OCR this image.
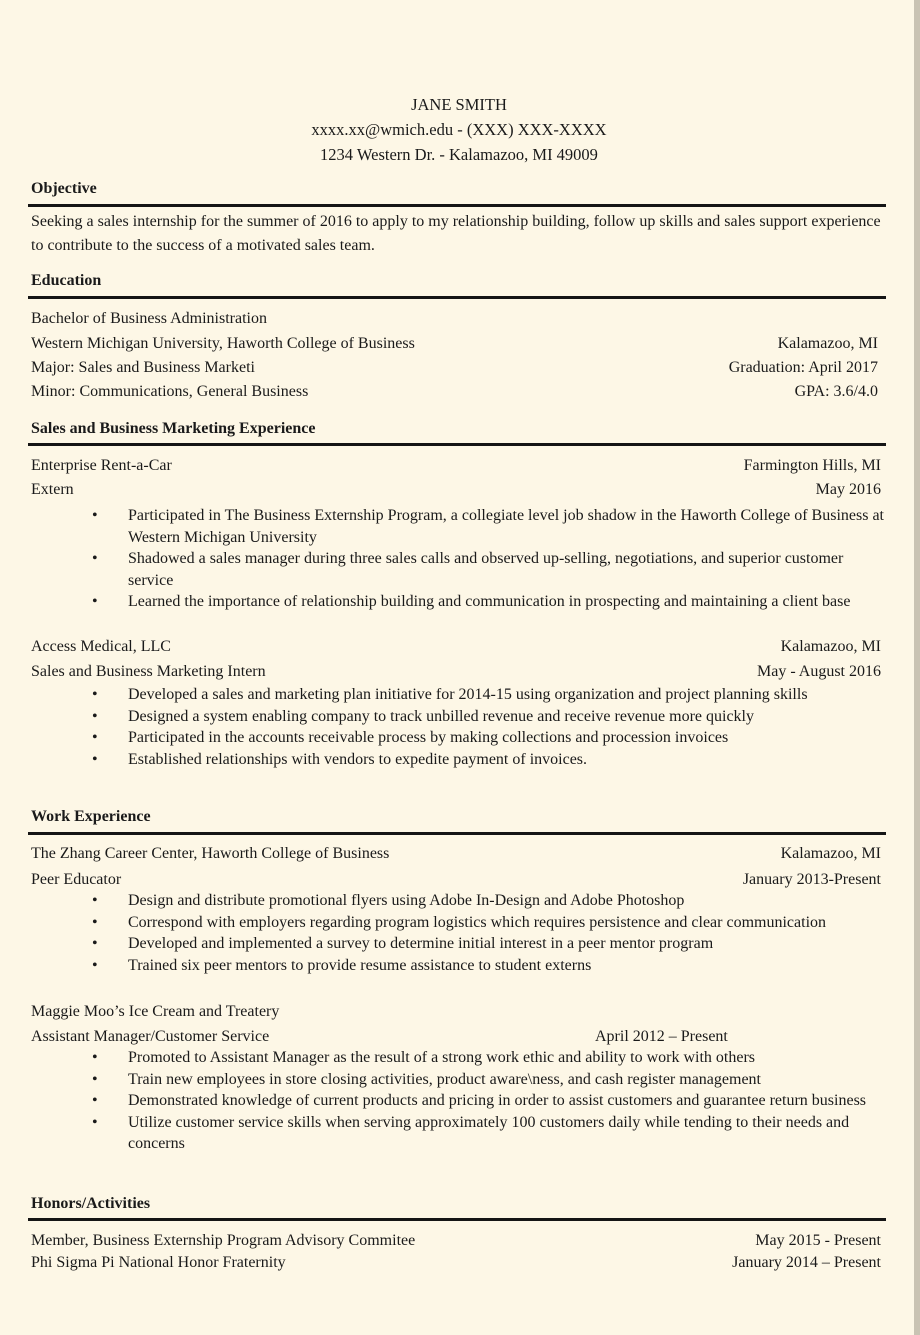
JANE SMITH
xxxx.xx@wmich.edu - (XXX) XXX-XXXX
1234 Western Dr. - Kalamazoo, MI 49009
Objective
Seeking a sales internship for the summer of 2016 to apply to my relationship building, follow up skills and sales support experience to contribute to the success of a motivated sales team.
Education
Bachelor of Business Administration
Western Michigan University, Haworth College of Business	Kalamazoo, MI
Major: Sales and Business Marketi	Graduation: April 2017
Minor: Communications, General Business	GPA: 3.6/4.0
Sales and Business Marketing Experience
Enterprise Rent-a-Car	Farmington Hills, MI
Extern	May 2016
• Participated in The Business Externship Program, a collegiate level job shadow in the Haworth College of Business at Western Michigan University
• Shadowed a sales manager during three sales calls and observed up-selling, negotiations, and superior customer service
• Learned the importance of relationship building and communication in prospecting and maintaining a client base
Access Medical, LLC	Kalamazoo, MI
Sales and Business Marketing Intern	May - August 2016
• Developed a sales and marketing plan initiative for 2014-15 using organization and project planning skills
• Designed a system enabling company to track unbilled revenue and receive revenue more quickly
• Participated in the accounts receivable process by making collections and procession invoices
• Established relationships with vendors to expedite payment of invoices.
Work Experience
The Zhang Career Center, Haworth College of Business	Kalamazoo, MI
Peer Educator	January 2013-Present
• Design and distribute promotional flyers using Adobe In-Design and Adobe Photoshop
• Correspond with employers regarding program logistics which requires persistence and clear communication
• Developed and implemented a survey to determine initial interest in a peer mentor program
• Trained six peer mentors to provide resume assistance to student externs
Maggie Moo’s Ice Cream and Treatery
Assistant Manager/Customer Service	April 2012 – Present
• Promoted to Assistant Manager as the result of a strong work ethic and ability to work with others
• Train new employees in store closing activities, product aware\ness, and cash register management
• Demonstrated knowledge of current products and pricing in order to assist customers and guarantee return business
• Utilize customer service skills when serving approximately 100 customers daily while tending to their needs and concerns
Honors/Activities
Member, Business Externship Program Advisory Commitee	May 2015 - Present
Phi Sigma Pi National Honor Fraternity	January 2014 – Present
